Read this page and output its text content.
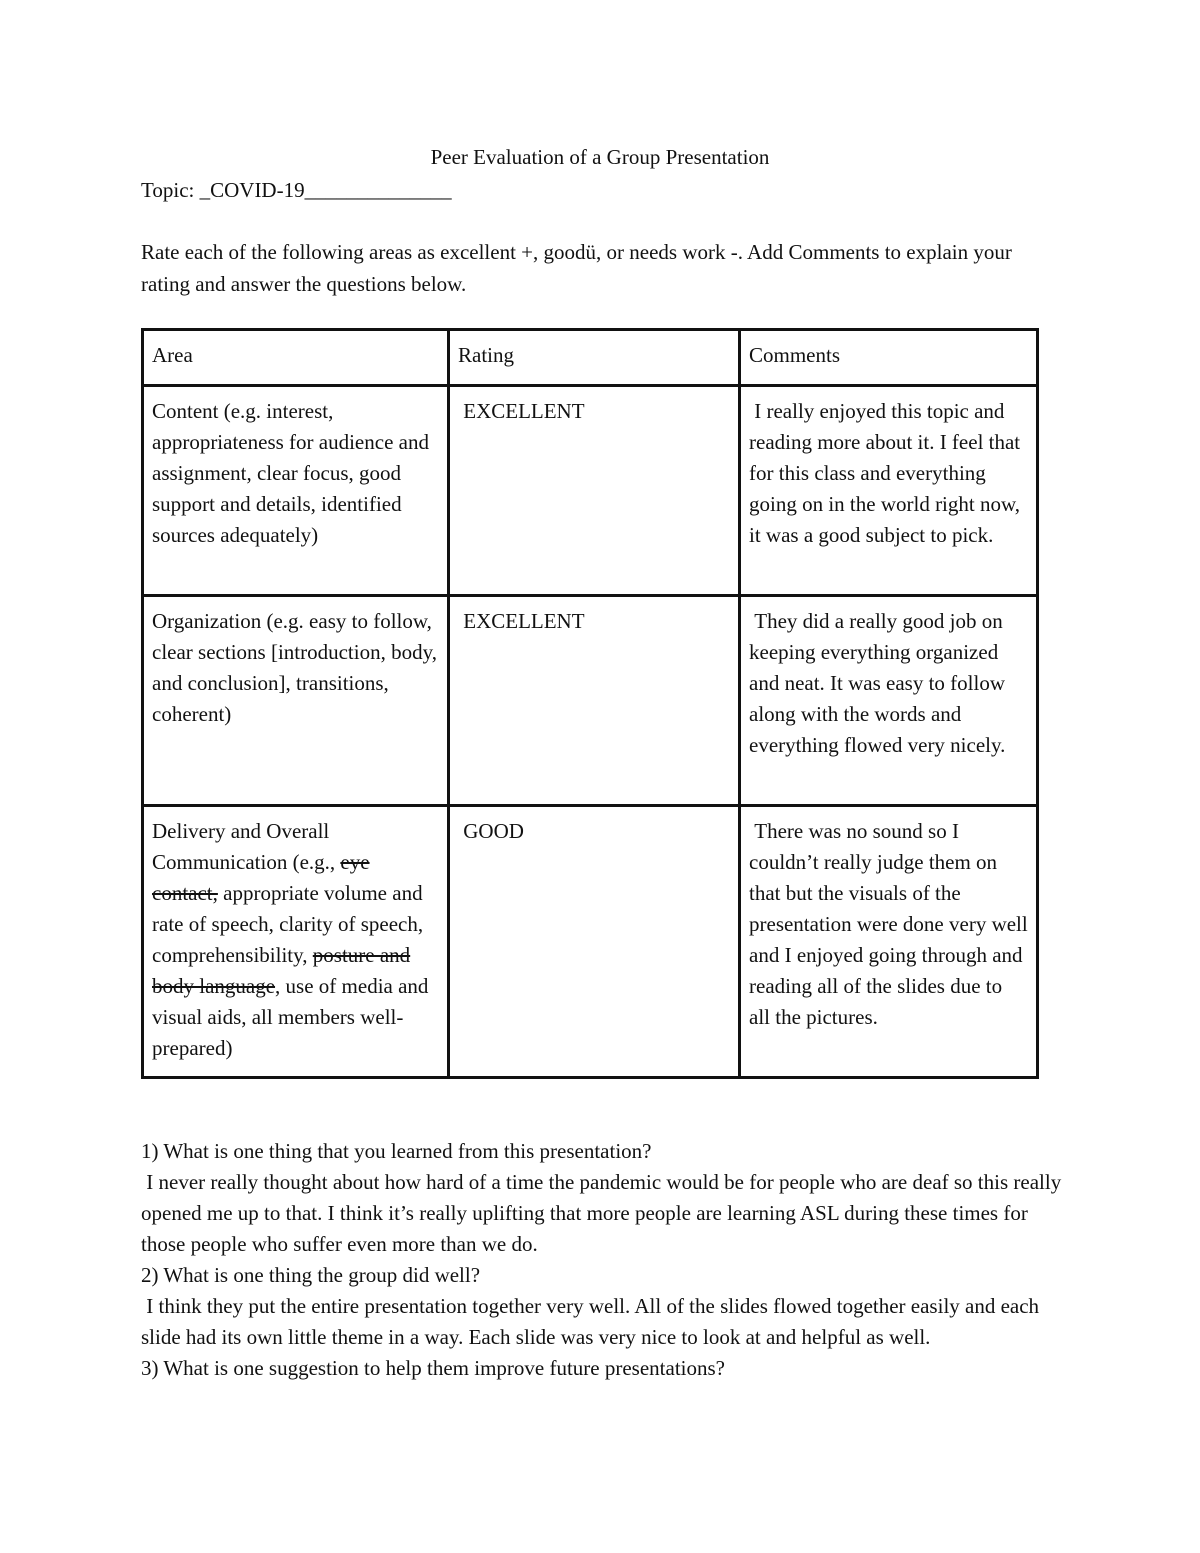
Peer Evaluation of a Group Presentation
Topic: _COVID-19______________
Rate each of the following areas as excellent +, goodü, or needs work -. Add Comments to explain your rating and answer the questions below.
Area	Rating	Comments
Content (e.g. interest, appropriateness for audience and assignment, clear focus, good support and details, identified sources adequately)	EXCELLENT	I really enjoyed this topic and reading more about it. I feel that for this class and everything going on in the world right now, it was a good subject to pick.
Organization (e.g. easy to follow, clear sections [introduction, body, and conclusion], transitions, coherent)	EXCELLENT	They did a really good job on keeping everything organized and neat. It was easy to follow along with the words and everything flowed very nicely.
Delivery and Overall Communication (e.g., eye contact, appropriate volume and rate of speech, clarity of speech, comprehensibility, posture and body language, use of media and visual aids, all members well-prepared)	GOOD	There was no sound so I couldn’t really judge them on that but the visuals of the presentation were done very well and I enjoyed going through and reading all of the slides due to all the pictures.

1) What is one thing that you learned from this presentation?

I never really thought about how hard of a time the pandemic would be for people who are deaf so this really opened me up to that. I think it’s really uplifting that more people are learning ASL during these times for those people who suffer even more than we do.

2) What is one thing the group did well?

I think they put the entire presentation together very well. All of the slides flowed together easily and each slide had its own little theme in a way. Each slide was very nice to look at and helpful as well.

3) What is one suggestion to help them improve future presentations?
